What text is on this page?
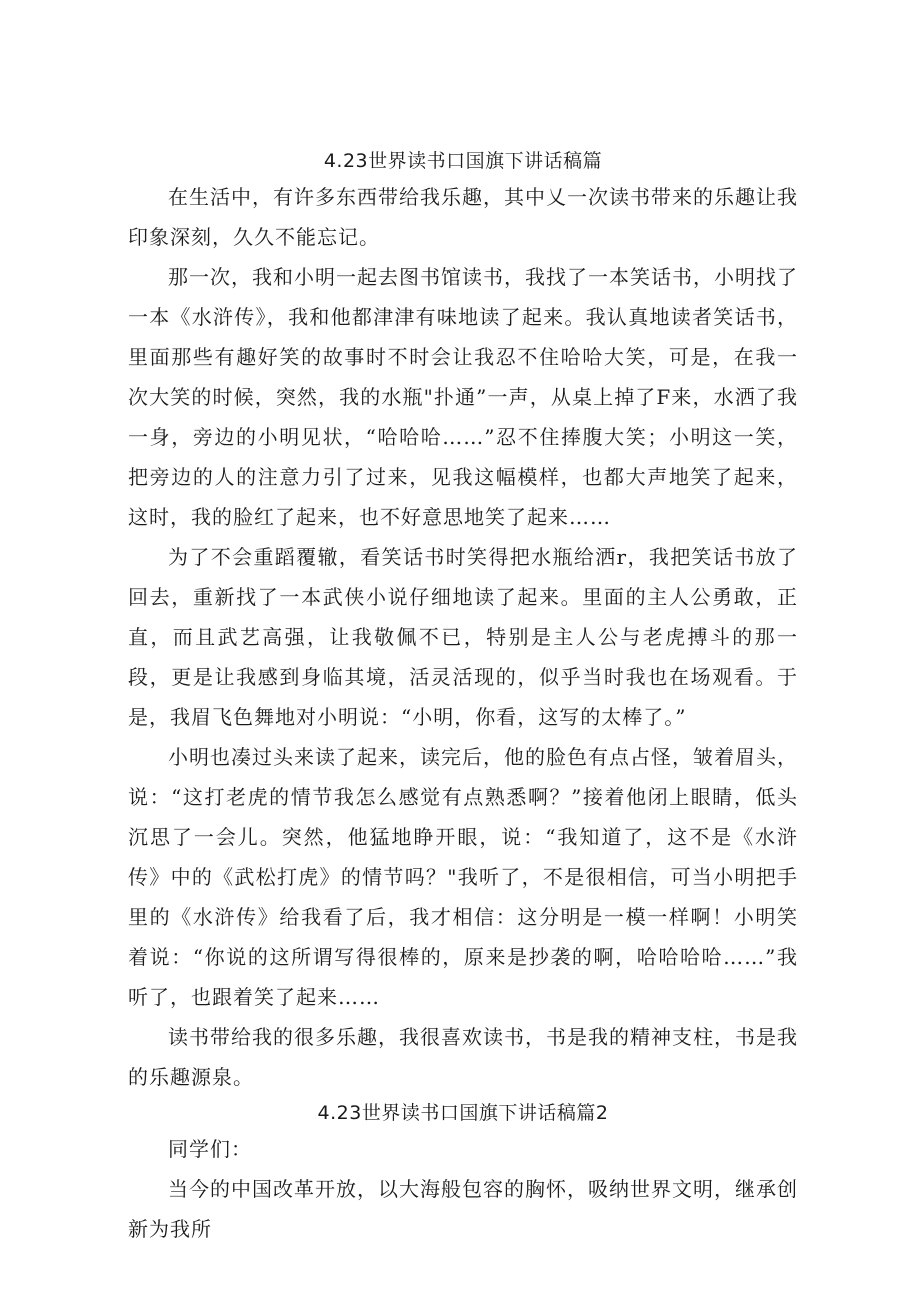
4.23世界读书口国旗下讲话稿篇

在生活中，有许多东西带给我乐趣，其中乂一次读书带来的乐趣让我印象深刻，久久不能忘记。

那一次，我和小明一起去图书馆读书，我找了一本笑话书，小明找了一本《水浒传》，我和他都津津有味地读了起来。我认真地读者笑话书，里面那些有趣好笑的故事时不时会让我忍不住哈哈大笑，可是，在我一次大笑的时候，突然，我的水瓶"扑通”一声，从桌上掉了F来，水洒了我一身，旁边的小明见状，“哈哈哈……”忍不住捧腹大笑；小明这一笑，把旁边的人的注意力引了过来，见我这幅模样，也都大声地笑了起来，这时，我的脸红了起来，也不好意思地笑了起来……

为了不会重蹈覆辙，看笑话书时笑得把水瓶给洒r，我把笑话书放了回去，重新找了一本武侠小说仔细地读了起来。里面的主人公勇敢，正直，而且武艺高强，让我敬佩不已，特别是主人公与老虎搏斗的那一段，更是让我感到身临其境，活灵活现的，似乎当时我也在场观看。于是，我眉飞色舞地对小明说：“小明，你看，这写的太棒了。”

小明也凑过头来读了起来，读完后，他的脸色有点占怪，皱着眉头，说：“这打老虎的情节我怎么感觉有点熟悉啊？”接着他闭上眼睛，低头沉思了一会儿。突然，他猛地睁开眼，说：“我知道了，这不是《水浒传》中的《武松打虎》的情节吗？"我听了，不是很相信，可当小明把手里的《水浒传》给我看了后，我才相信：这分明是一模一样啊！小明笑着说：“你说的这所谓写得很棒的，原来是抄袭的啊，哈哈哈哈……”我听了，也跟着笑了起来……

读书带给我的很多乐趣，我很喜欢读书，书是我的精神支柱，书是我的乐趣源泉。

4.23世界读书口国旗下讲话稿篇2

同学们：

当今的中国改革开放，以大海般包容的胸怀，吸纳世界文明，继承创新为我所
